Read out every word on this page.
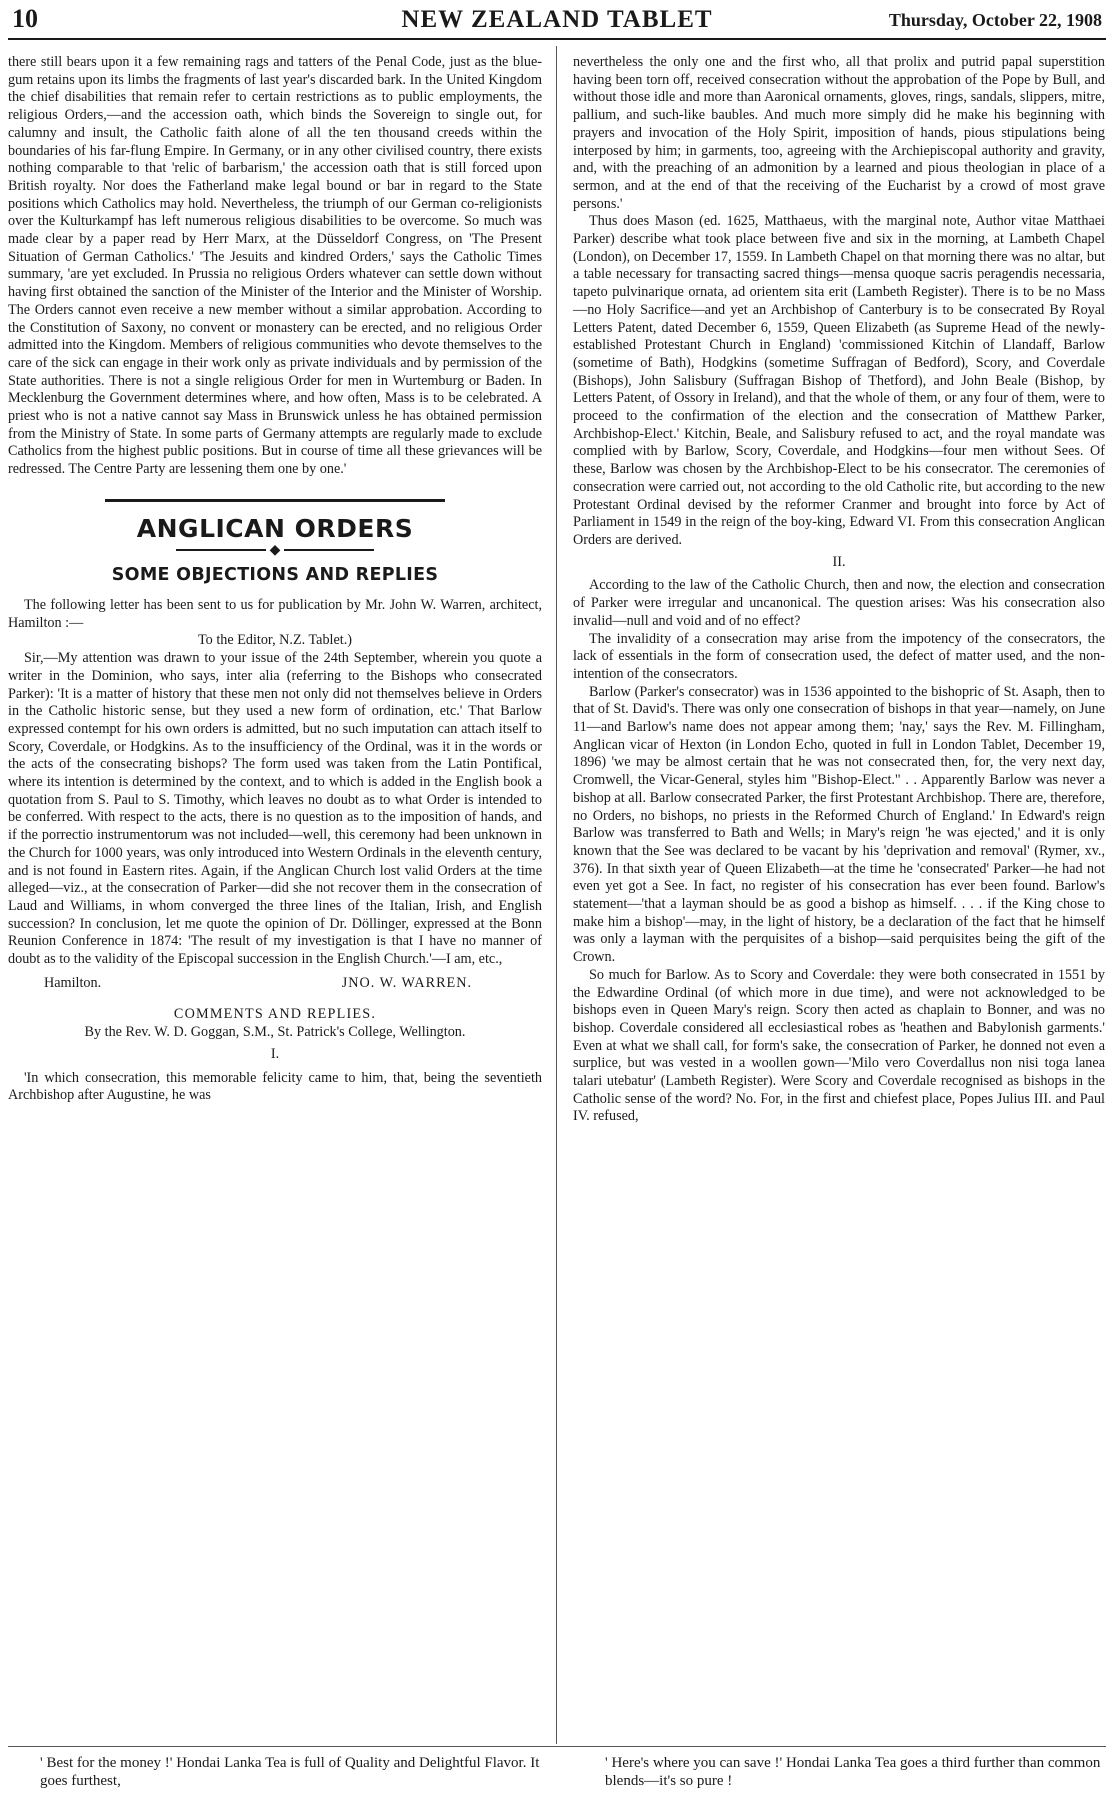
10	NEW ZEALAND TABLET	Thursday, October 22, 1908

there still bears upon it a few remaining rags and tatters of the Penal Code, just as the blue-gum retains upon its limbs the fragments of last year's discarded bark. In the United Kingdom the chief disabilities that remain refer to certain restrictions as to public employments, the religious Orders,—and the accession oath, which binds the Sovereign to single out, for calumny and insult, the Catholic faith alone of all the ten thousand creeds within the boundaries of his far-flung Empire. In Germany, or in any other civilised country, there exists nothing comparable to that 'relic of barbarism,' the accession oath that is still forced upon British royalty. Nor does the Fatherland make legal bound or bar in regard to the State positions which Catholics may hold. Nevertheless, the triumph of our German co-religionists over the Kulturkampf has left numerous religious disabilities to be overcome. So much was made clear by a paper read by Herr Marx, at the Düsseldorf Congress, on 'The Present Situation of German Catholics.' 'The Jesuits and kindred Orders,' says the Catholic Times summary, 'are yet excluded. In Prussia no religious Orders whatever can settle down without having first obtained the sanction of the Minister of the Interior and the Minister of Worship. The Orders cannot even receive a new member without a similar approbation. According to the Constitution of Saxony, no convent or monastery can be erected, and no religious Order admitted into the Kingdom. Members of religious communities who devote themselves to the care of the sick can engage in their work only as private individuals and by permission of the State authorities. There is not a single religious Order for men in Wurtemburg or Baden. In Mecklenburg the Government determines where, and how often, Mass is to be celebrated. A priest who is not a native cannot say Mass in Brunswick unless he has obtained permission from the Ministry of State. In some parts of Germany attempts are regularly made to exclude Catholics from the highest public positions. But in course of time all these grievances will be redressed. The Centre Party are lessening them one by one.'

ANGLICAN ORDERS
◆
SOME OBJECTIONS AND REPLIES

The following letter has been sent to us for publication by Mr. John W. Warren, architect, Hamilton :—

To the Editor, N.Z. Tablet.)

Sir,—My attention was drawn to your issue of the 24th September, wherein you quote a writer in the Dominion, who says, inter alia (referring to the Bishops who consecrated Parker): 'It is a matter of history that these men not only did not themselves believe in Orders in the Catholic historic sense, but they used a new form of ordination, etc.' That Barlow expressed contempt for his own orders is admitted, but no such imputation can attach itself to Scory, Coverdale, or Hodgkins. As to the insufficiency of the Ordinal, was it in the words or the acts of the consecrating bishops? The form used was taken from the Latin Pontifical, where its intention is determined by the context, and to which is added in the English book a quotation from S. Paul to S. Timothy, which leaves no doubt as to what Order is intended to be conferred. With respect to the acts, there is no question as to the imposition of hands, and if the porrectio instrumentorum was not included—well, this ceremony had been unknown in the Church for 1000 years, was only introduced into Western Ordinals in the eleventh century, and is not found in Eastern rites. Again, if the Anglican Church lost valid Orders at the time alleged—viz., at the consecration of Parker—did she not recover them in the consecration of Laud and Williams, in whom converged the three lines of the Italian, Irish, and English succession? In conclusion, let me quote the opinion of Dr. Döllinger, expressed at the Bonn Reunion Conference in 1874: 'The result of my investigation is that I have no manner of doubt as to the validity of the Episcopal succession in the English Church.'—I am, etc.,

Hamilton.	JNO. W. WARREN.
COMMENTS AND REPLIES.

By the Rev. W. D. Goggan, S.M., St. Patrick's College, Wellington.

I.

'In which consecration, this memorable felicity came to him, that, being the seventieth Archbishop after Augustine, he was

nevertheless the only one and the first who, all that prolix and putrid papal superstition having been torn off, received consecration without the approbation of the Pope by Bull, and without those idle and more than Aaronical ornaments, gloves, rings, sandals, slippers, mitre, pallium, and such-like baubles. And much more simply did he make his beginning with prayers and invocation of the Holy Spirit, imposition of hands, pious stipulations being interposed by him; in garments, too, agreeing with the Archiepiscopal authority and gravity, and, with the preaching of an admonition by a learned and pious theologian in place of a sermon, and at the end of that the receiving of the Eucharist by a crowd of most grave persons.'

Thus does Mason (ed. 1625, Matthaeus, with the marginal note, Author vitae Matthaei Parker) describe what took place between five and six in the morning, at Lambeth Chapel (London), on December 17, 1559. In Lambeth Chapel on that morning there was no altar, but a table necessary for transacting sacred things—mensa quoque sacris peragendis necessaria, tapeto pulvinarique ornata, ad orientem sita erit (Lambeth Register). There is to be no Mass—no Holy Sacrifice—and yet an Archbishop of Canterbury is to be consecrated By Royal Letters Patent, dated December 6, 1559, Queen Elizabeth (as Supreme Head of the newly-established Protestant Church in England) 'commissioned Kitchin of Llandaff, Barlow (sometime of Bath), Hodgkins (sometime Suffragan of Bedford), Scory, and Coverdale (Bishops), John Salisbury (Suffragan Bishop of Thetford), and John Beale (Bishop, by Letters Patent, of Ossory in Ireland), and that the whole of them, or any four of them, were to proceed to the confirmation of the election and the consecration of Matthew Parker, Archbishop-Elect.' Kitchin, Beale, and Salisbury refused to act, and the royal mandate was complied with by Barlow, Scory, Coverdale, and Hodgkins—four men without Sees. Of these, Barlow was chosen by the Archbishop-Elect to be his consecrator. The ceremonies of consecration were carried out, not according to the old Catholic rite, but according to the new Protestant Ordinal devised by the reformer Cranmer and brought into force by Act of Parliament in 1549 in the reign of the boy-king, Edward VI. From this consecration Anglican Orders are derived.

II.

According to the law of the Catholic Church, then and now, the election and consecration of Parker were irregular and uncanonical. The question arises: Was his consecration also invalid—null and void and of no effect?

The invalidity of a consecration may arise from the impotency of the consecrators, the lack of essentials in the form of consecration used, the defect of matter used, and the non-intention of the consecrators.

Barlow (Parker's consecrator) was in 1536 appointed to the bishopric of St. Asaph, then to that of St. David's. There was only one consecration of bishops in that year—namely, on June 11—and Barlow's name does not appear among them; 'nay,' says the Rev. M. Fillingham, Anglican vicar of Hexton (in London Echo, quoted in full in London Tablet, December 19, 1896) 'we may be almost certain that he was not consecrated then, for, the very next day, Cromwell, the Vicar-General, styles him "Bishop-Elect." . . Apparently Barlow was never a bishop at all. Barlow consecrated Parker, the first Protestant Archbishop. There are, therefore, no Orders, no bishops, no priests in the Reformed Church of England.' In Edward's reign Barlow was transferred to Bath and Wells; in Mary's reign 'he was ejected,' and it is only known that the See was declared to be vacant by his 'deprivation and removal' (Rymer, xv., 376). In that sixth year of Queen Elizabeth—at the time he 'consecrated' Parker—he had not even yet got a See. In fact, no register of his consecration has ever been found. Barlow's statement—'that a layman should be as good a bishop as himself. . . . if the King chose to make him a bishop'—may, in the light of history, be a declaration of the fact that he himself was only a layman with the perquisites of a bishop—said perquisites being the gift of the Crown.

So much for Barlow. As to Scory and Coverdale: they were both consecrated in 1551 by the Edwardine Ordinal (of which more in due time), and were not acknowledged to be bishops even in Queen Mary's reign. Scory then acted as chaplain to Bonner, and was no bishop. Coverdale considered all ecclesiastical robes as 'heathen and Babylonish garments.' Even at what we shall call, for form's sake, the consecration of Parker, he donned not even a surplice, but was vested in a woollen gown—'Milo vero Coverdallus non nisi toga lanea talari utebatur' (Lambeth Register). Were Scory and Coverdale recognised as bishops in the Catholic sense of the word? No. For, in the first and chiefest place, Popes Julius III. and Paul IV. refused,

' Best for the money !' Hondai Lanka Tea is full of Quality and Delightful Flavor. It goes furthest,
' Here's where you can save !' Hondai Lanka Tea goes a third further than common blends—it's so pure !
